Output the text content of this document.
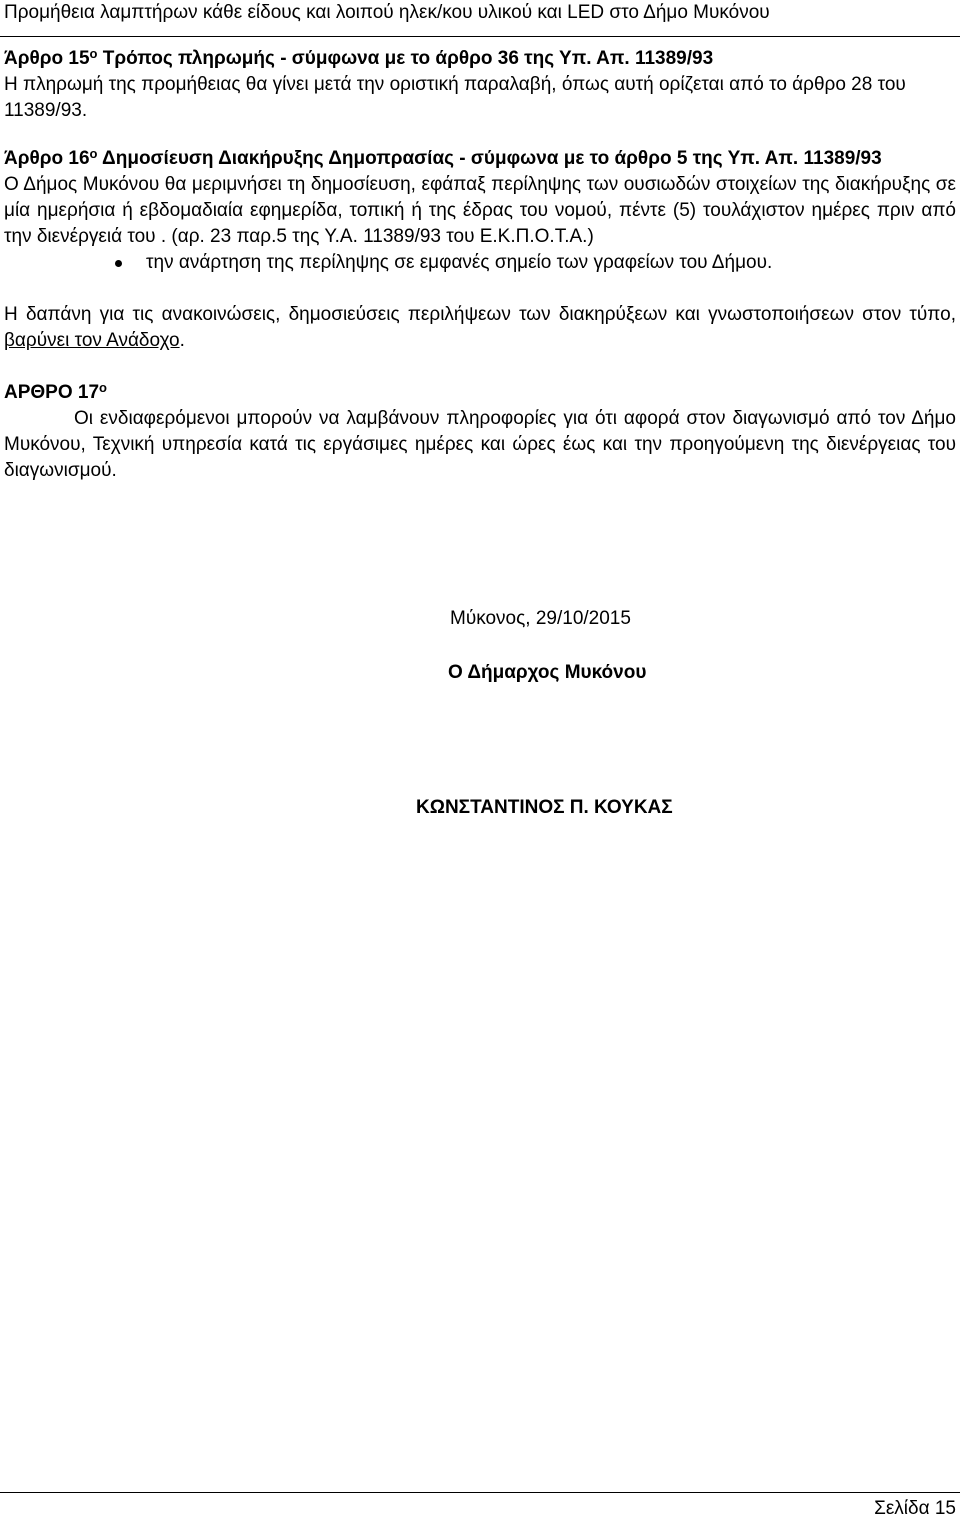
Προμήθεια λαμπτήρων κάθε είδους και λοιπού ηλεκ/κου υλικού και LED στο Δήμο Μυκόνου

Άρθρο $15^o$ Τρόπος πληρωμής - σύμφωνα με το άρθρο 36 της Υπ. Απ. 11389/93

Η πληρωμή της προμήθειας θα γίνει μετά την οριστική παραλαβή, όπως αυτή ορίζεται από το άρθρο 28 του 11389/93.

Άρθρο $16^o$ Δημοσίευση Διακήρυξης Δημοπρασίας - σύμφωνα με το άρθρο 5 της Υπ. Απ. 11389/93

Ο Δήμος Μυκόνου θα μεριμνήσει τη δημοσίευση, εφάπαξ περίληψης των ουσιωδών στοιχείων της διακήρυξης σε μία ημερήσια ή εβδομαδιαία εφημερίδα, τοπική ή της έδρας του νομού, πέντε (5) τουλάχιστον ημέρες πριν από την διενέργειά του . (αρ. 23 παρ.5 της Υ.Α. 11389/93 του Ε.Κ.Π.Ο.Τ.Α.)

την ανάρτηση της περίληψης σε εμφανές σημείο των γραφείων του Δήμου.

Η δαπάνη για τις ανακοινώσεις, δημοσιεύσεις περιλήψεων των διακηρύξεων και γνωστοποιήσεων στον τύπο, βαρύνει τον Ανάδοχο.

ΑΡΘΡΟ $17^o$

Οι ενδιαφερόμενοι μπορούν να λαμβάνουν πληροφορίες για ότι αφορά στον διαγωνισμό από τον Δήμο Μυκόνου, Τεχνική υπηρεσία κατά τις εργάσιμες ημέρες και ώρες έως και την προηγούμενη της διενέργειας του διαγωνισμού.

Μύκονος, 29/10/2015
Ο Δήμαρχος Μυκόνου
ΚΩΝΣΤΑΝΤΙΝΟΣ Π. ΚΟΥΚΑΣ
Σελίδα 15
